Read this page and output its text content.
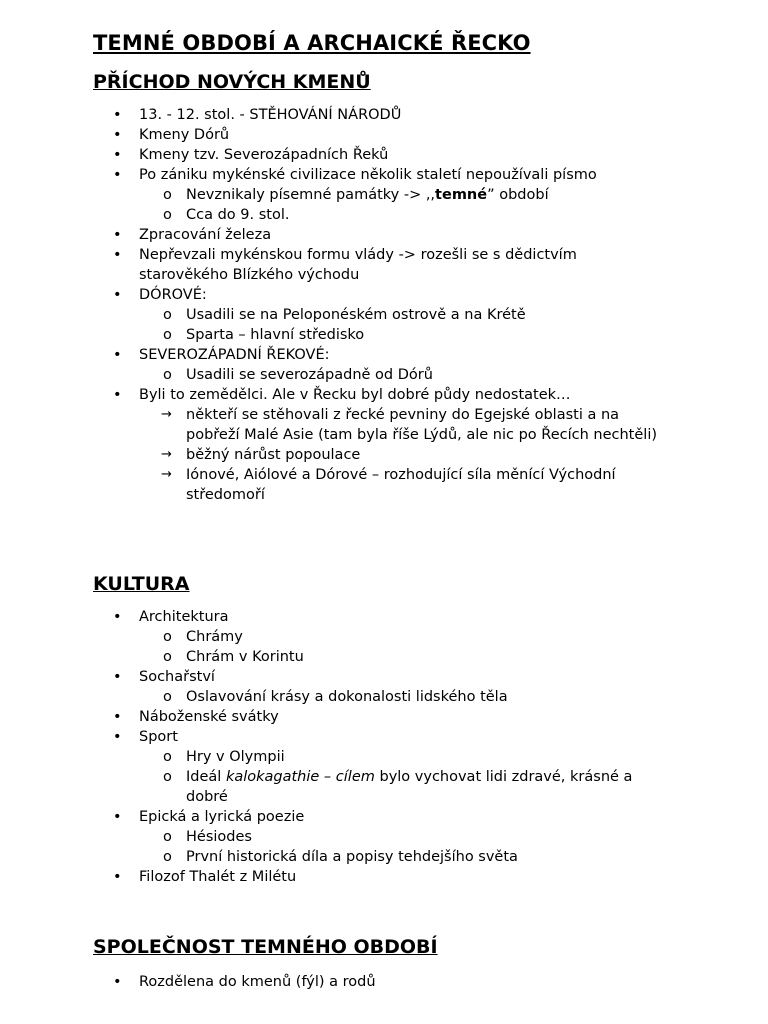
TEMNÉ OBDOBÍ A ARCHAICKÉ ŘECKO
PŘÍCHOD NOVÝCH KMENŮ
• 13. - 12. stol. - STĚHOVÁNÍ NÁRODŮ
• Kmeny Dórů
• Kmeny tzv. Severozápadních Řeků
• Po zániku mykénské civilizace několik staletí nepoužívali písmo
o Nevznikaly písemné památky -> ,,temné” období
o Cca do 9. stol.
• Zpracování železa
• Nepřevzali mykénskou formu vlády -> rozešli se s dědictvím starověkého Blízkého východu
• DÓROVÉ:
o Usadili se na Peloponéském ostrově a na Krétě
o Sparta – hlavní středisko
• SEVEROZÁPADNÍ ŘEKOVÉ:
o Usadili se severozápadně od Dórů
• Byli to zemědělci. Ale v Řecku byl dobré půdy nedostatek…
→ někteří se stěhovali z řecké pevniny do Egejské oblasti a na pobřeží Malé Asie (tam byla říše Lýdů, ale nic po Řecích nechtěli)
→ běžný nárůst popoulace
→ Iónové, Aiólové a Dórové – rozhodující síla měnící Východní středomoří
KULTURA
• Architektura
o Chrámy
o Chrám v Korintu
• Sochařství
o Oslavování krásy a dokonalosti lidského těla
• Náboženské svátky
• Sport
o Hry v Olympii
o Ideál kalokagathie – cílem bylo vychovat lidi zdravé, krásné a dobré
• Epická a lyrická poezie
o Hésiodes
o První historická díla a popisy tehdejšího světa
• Filozof Thalét z Milétu
SPOLEČNOST TEMNÉHO OBDOBÍ
• Rozdělena do kmenů (fýl) a rodů
